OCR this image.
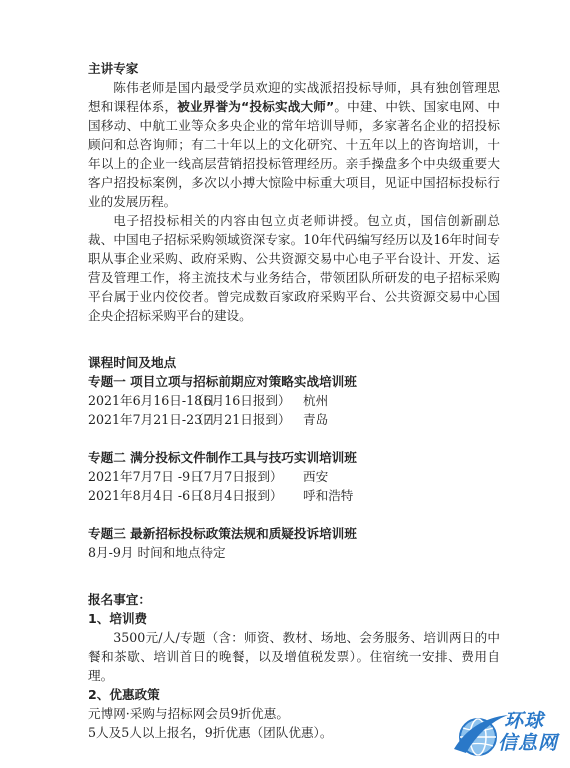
主讲专家

陈伟老师是国内最受学员欢迎的实战派招投标导师，具有独创管理思想和课程体系，被业界誉为“投标实战大师”。中建、中铁、国家电网、中国移动、中航工业等众多央企业的常年培训导师，多家著名企业的招投标顾问和总咨询师；有二十年以上的文化研究、十五年以上的咨询培训，十年以上的企业一线高层营销招投标管理经历。亲手操盘多个中央级重要大客户招投标案例，多次以小搏大惊险中标重大项目，见证中国招标投标行业的发展历程。

电子招投标相关的内容由包立贞老师讲授。包立贞，国信创新副总裁、中国电子招标采购领域资深专家。10年代码编写经历以及16年时间专职从事企业采购、政府采购、公共资源交易中心电子平台设计、开发、运营及管理工作，将主流技术与业务结合，带领团队所研发的电子招标采购平台属于业内佼佼者。曾完成数百家政府采购平台、公共资源交易中心国企央企招标采购平台的建设。

课程时间及地点

专题一 项目立项与招标前期应对策略实战培训班

2021年6月16日-18日
（6月16日报到） 杭州
2021年7月21日-23日
（7月21日报到） 青岛

专题二 满分投标文件制作工具与技巧实训培训班

2021年7月7日 -9日
（7月7日报到）	西安
2021年8月4日 -6日
（8月4日报到）	呼和浩特

专题三 最新招标投标政策法规和质疑投诉培训班

8月-9月 时间和地点待定

报名事宜：

1、培训费

3500元/人/专题（含：师资、教材、场地、会务服务、培训两日的中餐和茶歇、培训首日的晚餐，以及增值税发票）。住宿统一安排、费用自理。

2、优惠政策

元博网·采购与招标网会员9折优惠。

5人及5人以上报名，9折优惠（团队优惠）。

环球
信息网
